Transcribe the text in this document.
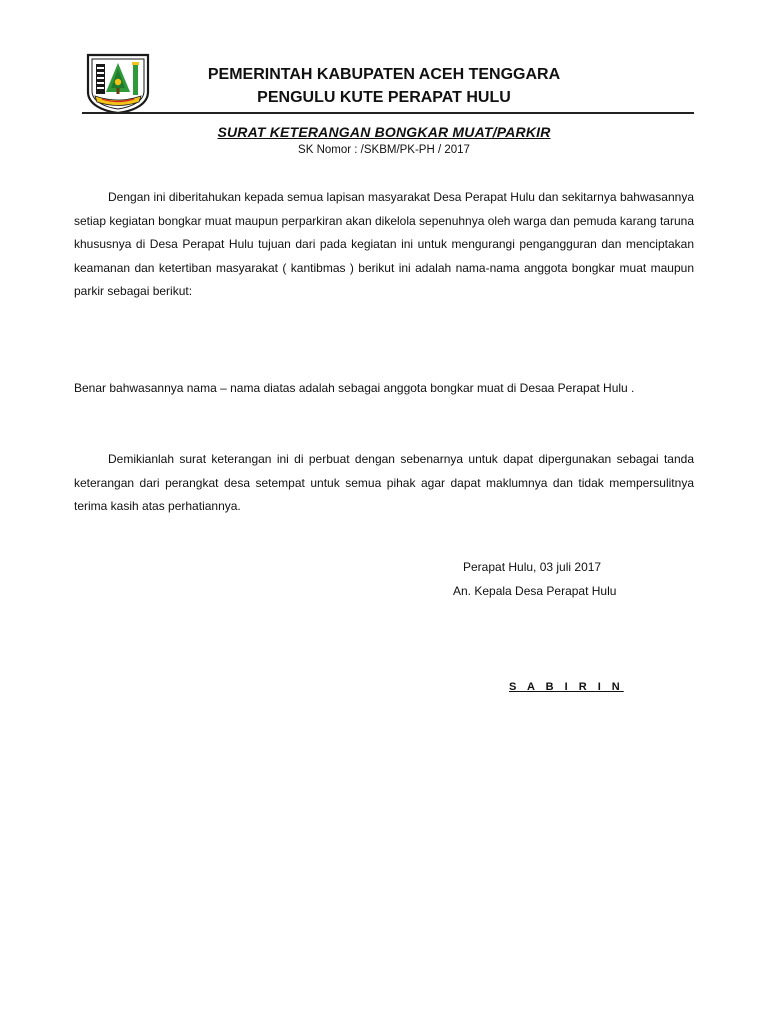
PEMERINTAH KABUPATEN ACEH TENGGARA
PENGULU KUTE PERAPAT HULU
SURAT KETERANGAN BONGKAR MUAT/PARKIR
SK Nomor : /SKBM/PK-PH / 2017

Dengan ini diberitahukan kepada semua lapisan masyarakat Desa Perapat Hulu dan sekitarnya bahwasannya setiap kegiatan bongkar muat maupun perparkiran akan dikelola sepenuhnya oleh warga dan pemuda karang taruna khususnya di Desa Perapat Hulu tujuan dari pada kegiatan ini untuk mengurangi pengangguran dan menciptakan keamanan dan ketertiban masyarakat ( kantibmas ) berikut ini adalah nama-nama anggota bongkar muat maupun parkir sebagai berikut:

Benar bahwasannya nama – nama diatas adalah sebagai anggota bongkar muat di Desaa Perapat Hulu .

Demikianlah surat keterangan ini di perbuat dengan sebenarnya untuk dapat dipergunakan sebagai tanda keterangan dari perangkat desa setempat untuk semua pihak agar dapat maklumnya dan tidak mempersulitnya terima kasih atas perhatiannya.

Perapat Hulu, 03 juli 2017
An. Kepala Desa Perapat Hulu
S A B I R I N
